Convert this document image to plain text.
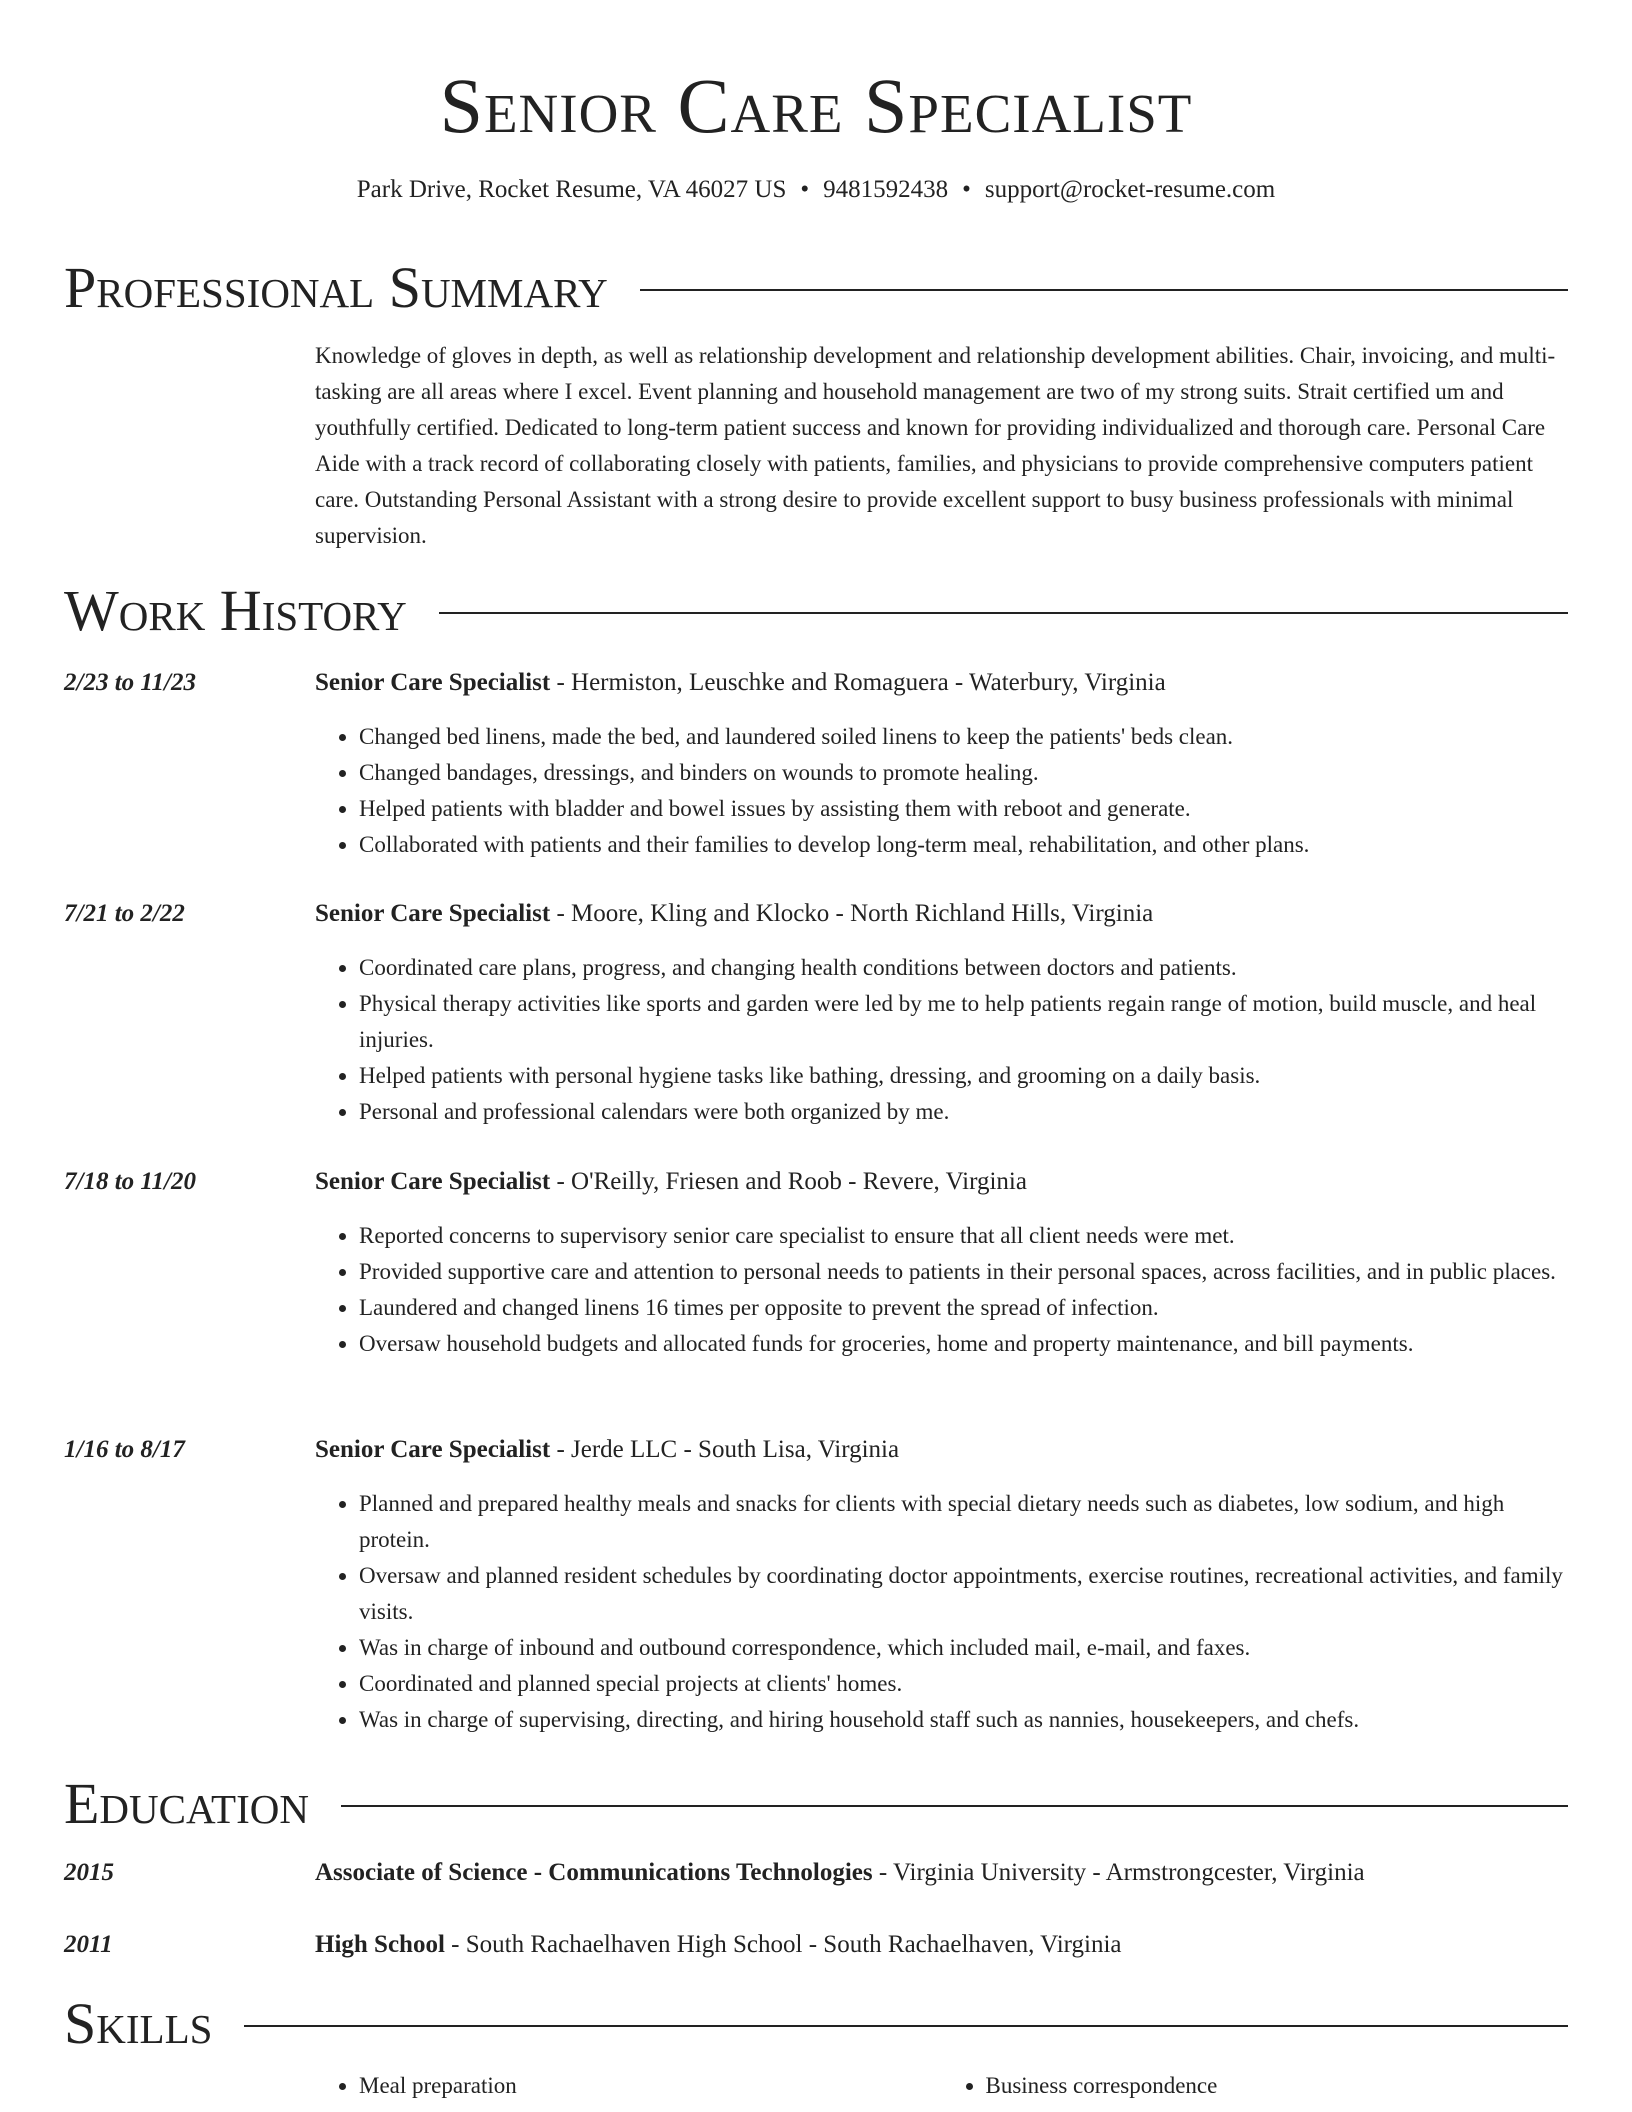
Senior Care Specialist
Park Drive, Rocket Resume, VA 46027 US • 9481592438 • support@rocket-resume.com
Professional Summary

Knowledge of gloves in depth, as well as relationship development and relationship development abilities. Chair, invoicing, and multi-tasking are all areas where I excel. Event planning and household management are two of my strong suits. Strait certified um and youthfully certified. Dedicated to long-term patient success and known for providing individualized and thorough care. Personal Care Aide with a track record of collaborating closely with patients, families, and physicians to provide comprehensive computers patient care. Outstanding Personal Assistant with a strong desire to provide excellent support to busy business professionals with minimal supervision.

Work History
2/23 to 11/23	Senior Care Specialist - Hermiston, Leuschke and Romaguera - Waterbury, Virginia
• Changed bed linens, made the bed, and laundered soiled linens to keep the patients' beds clean.
• Changed bandages, dressings, and binders on wounds to promote healing.
• Helped patients with bladder and bowel issues by assisting them with reboot and generate.
• Collaborated with patients and their families to develop long-term meal, rehabilitation, and other plans.
7/21 to 2/22	Senior Care Specialist - Moore, Kling and Klocko - North Richland Hills, Virginia
• Coordinated care plans, progress, and changing health conditions between doctors and patients.
• Physical therapy activities like sports and garden were led by me to help patients regain range of motion, build muscle, and heal injuries.
• Helped patients with personal hygiene tasks like bathing, dressing, and grooming on a daily basis.
• Personal and professional calendars were both organized by me.
7/18 to 11/20	Senior Care Specialist - O'Reilly, Friesen and Roob - Revere, Virginia
• Reported concerns to supervisory senior care specialist to ensure that all client needs were met.
• Provided supportive care and attention to personal needs to patients in their personal spaces, across facilities, and in public places.
• Laundered and changed linens 16 times per opposite to prevent the spread of infection.
• Oversaw household budgets and allocated funds for groceries, home and property maintenance, and bill payments.
1/16 to 8/17	Senior Care Specialist - Jerde LLC - South Lisa, Virginia
• Planned and prepared healthy meals and snacks for clients with special dietary needs such as diabetes, low sodium, and high protein.
• Oversaw and planned resident schedules by coordinating doctor appointments, exercise routines, recreational activities, and family visits.
• Was in charge of inbound and outbound correspondence, which included mail, e-mail, and faxes.
• Coordinated and planned special projects at clients' homes.
• Was in charge of supervising, directing, and hiring household staff such as nannies, housekeepers, and chefs.
Education
2015	Associate of Science - Communications Technologies - Virginia University - Armstrongcester, Virginia
2011	High School - South Rachaelhaven High School - South Rachaelhaven, Virginia
Skills
• Meal preparation
•	Business correspondence
